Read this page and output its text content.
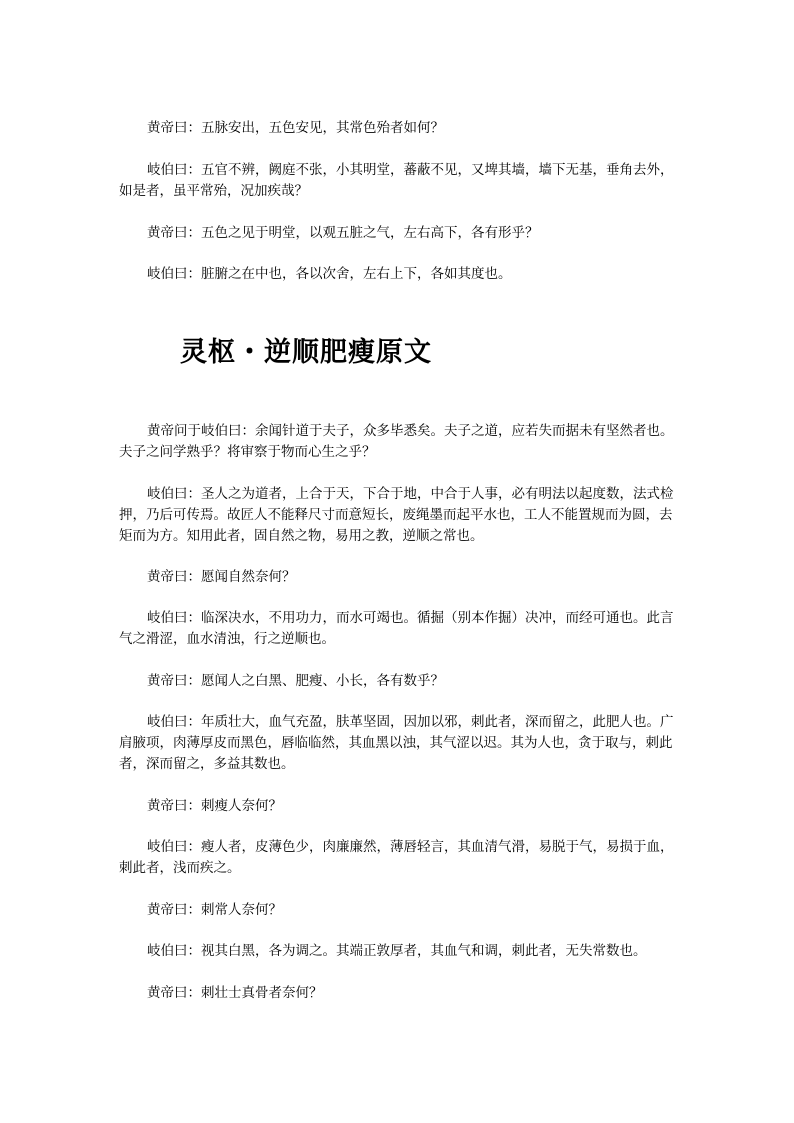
黄帝曰：五脉安出，五色安见，其常色殆者如何？

岐伯曰：五官不辨，阙庭不张，小其明堂，蕃蔽不见，又埤其墙，墙下无基，垂角去外，如是者，虽平常殆，况加疾哉？

黄帝曰：五色之见于明堂，以观五脏之气，左右高下，各有形乎？

岐伯曰：脏腑之在中也，各以次舍，左右上下，各如其度也。

灵枢・逆顺肥瘦原文

黄帝问于岐伯曰：余闻针道于夫子，众多毕悉矣。夫子之道，应若失而据未有坚然者也。夫子之问学熟乎？将审察于物而心生之乎？

岐伯曰：圣人之为道者，上合于天，下合于地，中合于人事，必有明法以起度数，法式检押，乃后可传焉。故匠人不能释尺寸而意短长，废绳墨而起平水也，工人不能置规而为圆，去矩而为方。知用此者，固自然之物，易用之教，逆顺之常也。

黄帝曰：愿闻自然奈何？

岐伯曰：临深决水，不用功力，而水可竭也。循掘（别本作掘）决冲，而经可通也。此言气之滑涩，血水清浊，行之逆顺也。

黄帝曰：愿闻人之白黑、肥瘦、小长，各有数乎？

岐伯曰：年质壮大，血气充盈，肤革坚固，因加以邪，刺此者，深而留之，此肥人也。广肩腋项，肉薄厚皮而黑色，唇临临然，其血黑以浊，其气涩以迟。其为人也，贪于取与，刺此者，深而留之，多益其数也。

黄帝曰：刺瘦人奈何？

岐伯曰：瘦人者，皮薄色少，肉廉廉然，薄唇轻言，其血清气滑，易脱于气，易损于血，刺此者，浅而疾之。

黄帝曰：刺常人奈何？

岐伯曰：视其白黑，各为调之。其端正敦厚者，其血气和调，刺此者，无失常数也。

黄帝曰：刺壮士真骨者奈何？
